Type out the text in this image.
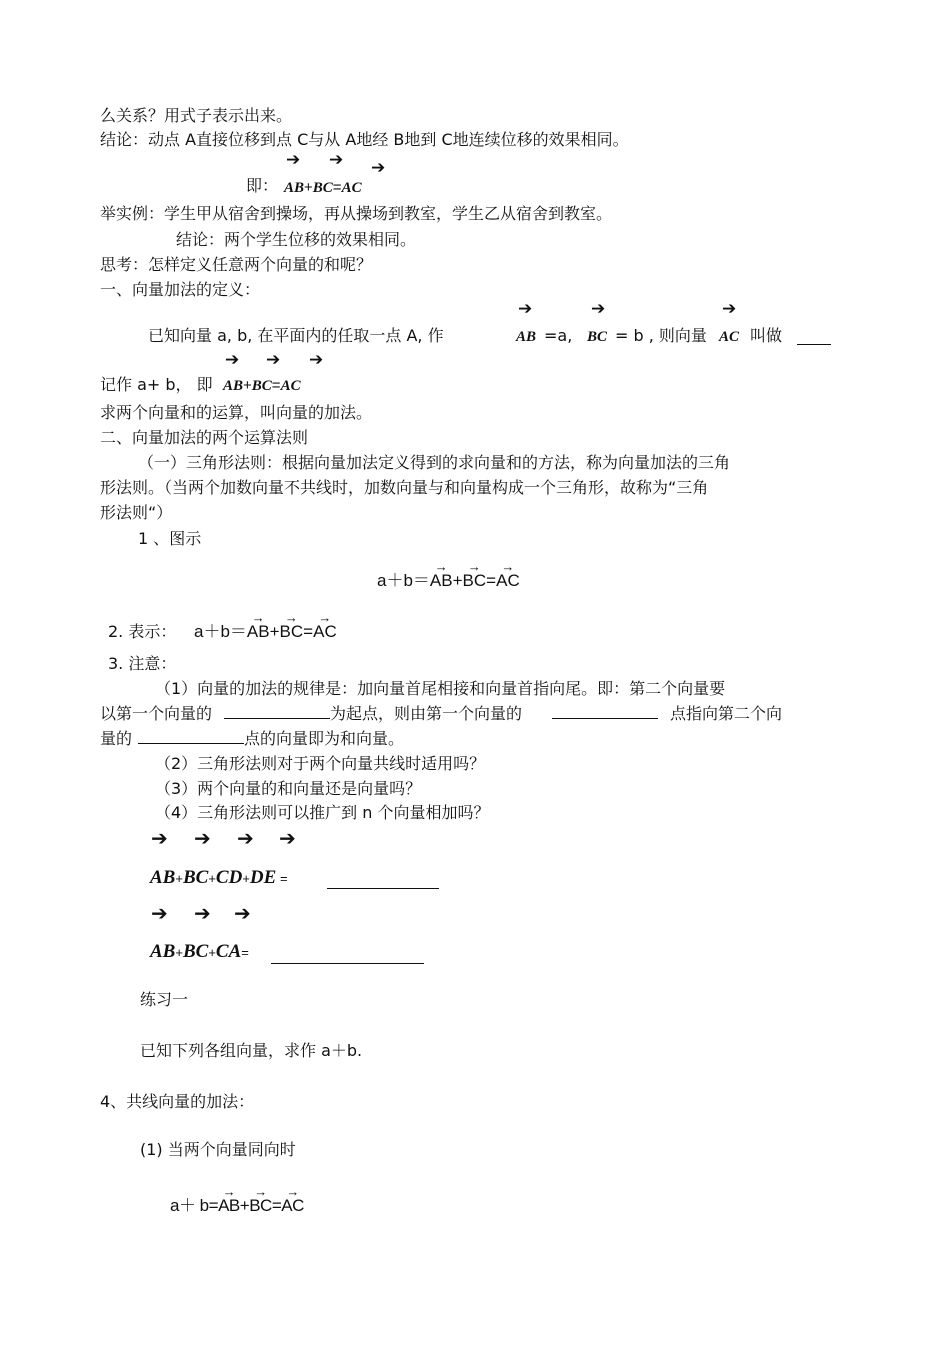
么关系？用式子表示出来。
结论：动点 A直接位移到点 C与从 A地经 B地到 C地连续位移的效果相同。
➔ ➔ ➔
即： AB+BC=AC
举实例：学生甲从宿舍到操场，再从操场到教室，学生乙从宿舍到教室。
结论：两个学生位移的效果相同。
思考：怎样定义任意两个向量的和呢？
一、向量加法的定义：
➔	➔	➔
已知向量 a, b, 在平面内的任取一点 A, 作	AB =a, BC = b , 则向量 AC 叫做
➔ ➔ ➔
记作 a+ b， 即 AB+BC=AC
求两个向量和的运算，叫向量的加法。
二、向量加法的两个运算法则
（一）三角形法则：根据向量加法定义得到的求向量和的方法，称为向量加法的三角
形法则。（当两个加数向量不共线时，加数向量与和向量构成一个三角形，故称为“三角
形法则“）
1 、图示
a＋b＝→ AB+→ BC=→ AC
2. 表示： a＋b＝→ AB+→ BC=→ AC
3. 注意：
（1）向量的加法的规律是：加向量首尾相接和向量首指向尾。即：第二个向量要
以第一个向量的	为起点，则由第一个向量的	点指向第二个向
量的	点的向量即为和向量。
（2）三角形法则对于两个向量共线时适用吗？
（3）两个向量的和向量还是向量吗？
（4）三角形法则可以推广到 n 个向量相加吗？
➔ ➔ ➔ ➔
AB+BC+CD+DE =
➔ ➔ ➔
AB+BC+CA=
练习一
已知下列各组向量，求作 a＋b.
4、共线向量的加法：
(1) 当两个向量同向时
a＋ b=→ AB+→ BC=→ AC
